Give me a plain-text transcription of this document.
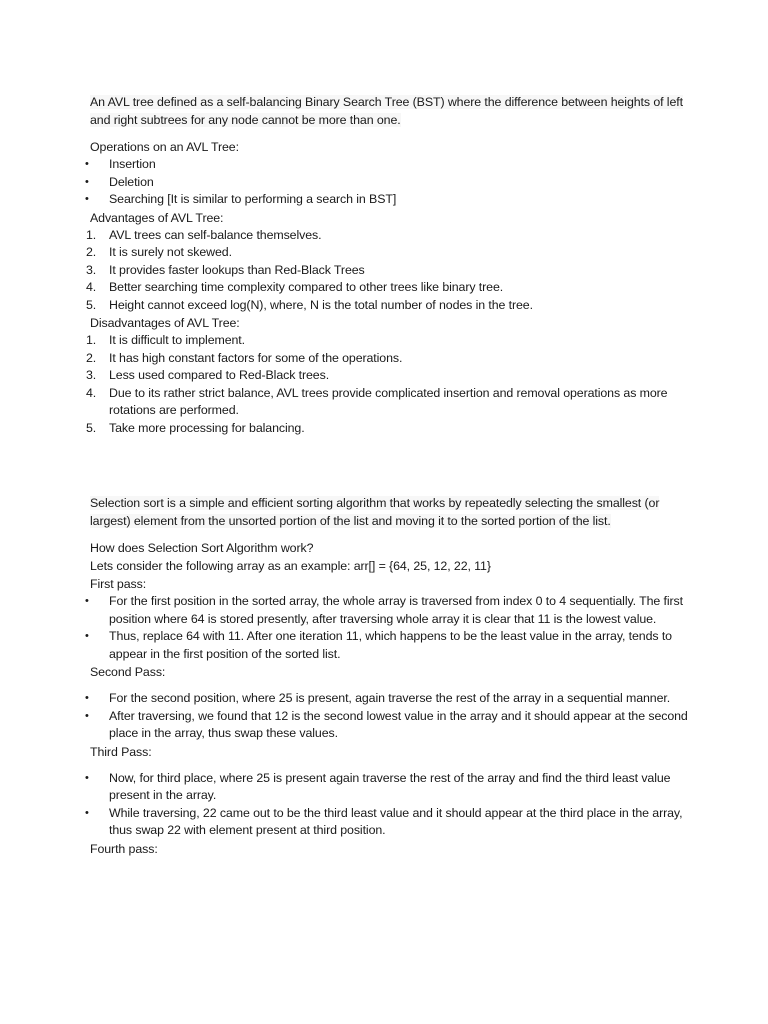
An AVL tree defined as a self-balancing Binary Search Tree (BST) where the difference between heights of left and right subtrees for any node cannot be more than one.

Operations on an AVL Tree:

• Insertion
• Deletion
• Searching [It is similar to performing a search in BST]

Advantages of AVL Tree:

1. AVL trees can self-balance themselves.
2. It is surely not skewed.
3. It provides faster lookups than Red-Black Trees
4. Better searching time complexity compared to other trees like binary tree.
5. Height cannot exceed log(N), where, N is the total number of nodes in the tree.

Disadvantages of AVL Tree:

1. It is difficult to implement.
2. It has high constant factors for some of the operations.
3. Less used compared to Red-Black trees.
4. Due to its rather strict balance, AVL trees provide complicated insertion and removal operations as more rotations are performed.
5. Take more processing for balancing.

Selection sort is a simple and efficient sorting algorithm that works by repeatedly selecting the smallest (or largest) element from the unsorted portion of the list and moving it to the sorted portion of the list.

How does Selection Sort Algorithm work?

Lets consider the following array as an example: arr[] = {64, 25, 12, 22, 11}

First pass:

• For the first position in the sorted array, the whole array is traversed from index 0 to 4 sequentially. The first position where 64 is stored presently, after traversing whole array it is clear that 11 is the lowest value.
• Thus, replace 64 with 11. After one iteration 11, which happens to be the least value in the array, tends to appear in the first position of the sorted list.

Second Pass:

• For the second position, where 25 is present, again traverse the rest of the array in a sequential manner.
• After traversing, we found that 12 is the second lowest value in the array and it should appear at the second place in the array, thus swap these values.

Third Pass:

• Now, for third place, where 25 is present again traverse the rest of the array and find the third least value present in the array.
• While traversing, 22 came out to be the third least value and it should appear at the third place in the array, thus swap 22 with element present at third position.

Fourth pass:
